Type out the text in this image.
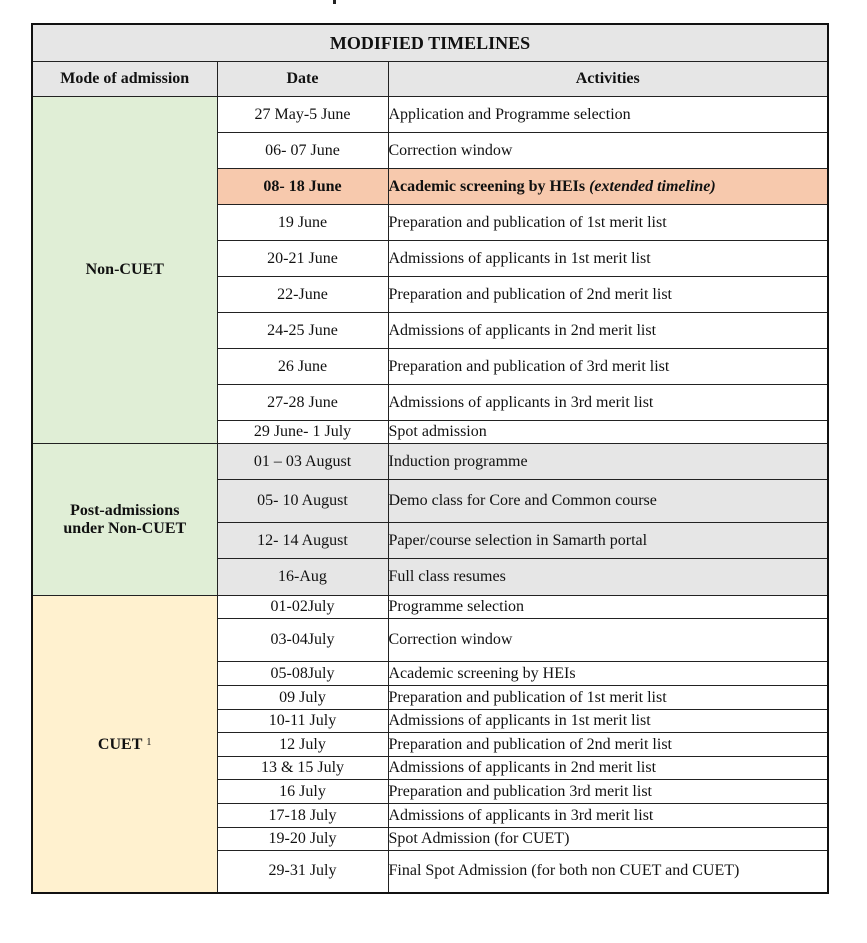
MODIFIED TIMELINES		
Mode of admission	Date	Activities
Non-CUET	27 May-5 June	Application and Programme selection
	06- 07 June	Correction window
	08- 18 June	Academic screening by HEIs (extended timeline)
	19 June	Preparation and publication of 1st merit list
	20-21 June	Admissions of applicants in 1st merit list
	22-June	Preparation and publication of 2nd merit list
	24-25 June	Admissions of applicants in 2nd merit list
	26 June	Preparation and publication of 3rd merit list
	27-28 June	Admissions of applicants in 3rd merit list
	29 June- 1 July	Spot admission
Post-admissions
under Non-CUET	01 – 03 August	Induction programme
	05- 10 August	Demo class for Core and Common course
	12- 14 August	Paper/course selection in Samarth portal
	16-Aug	Full class resumes
CUET $^1$	01-02July	Programme selection
	03-04July	Correction window
	05-08July	Academic screening by HEIs
	09 July	Preparation and publication of 1st merit list
	10-11 July	Admissions of applicants in 1st merit list
	12 July	Preparation and publication of 2nd merit list
	13 & 15 July	Admissions of applicants in 2nd merit list
	16 July	Preparation and publication 3rd merit list
	17-18 July	Admissions of applicants in 3rd merit list
	19-20 July	Spot Admission (for CUET)
	29-31 July	Final Spot Admission (for both non CUET and CUET)
